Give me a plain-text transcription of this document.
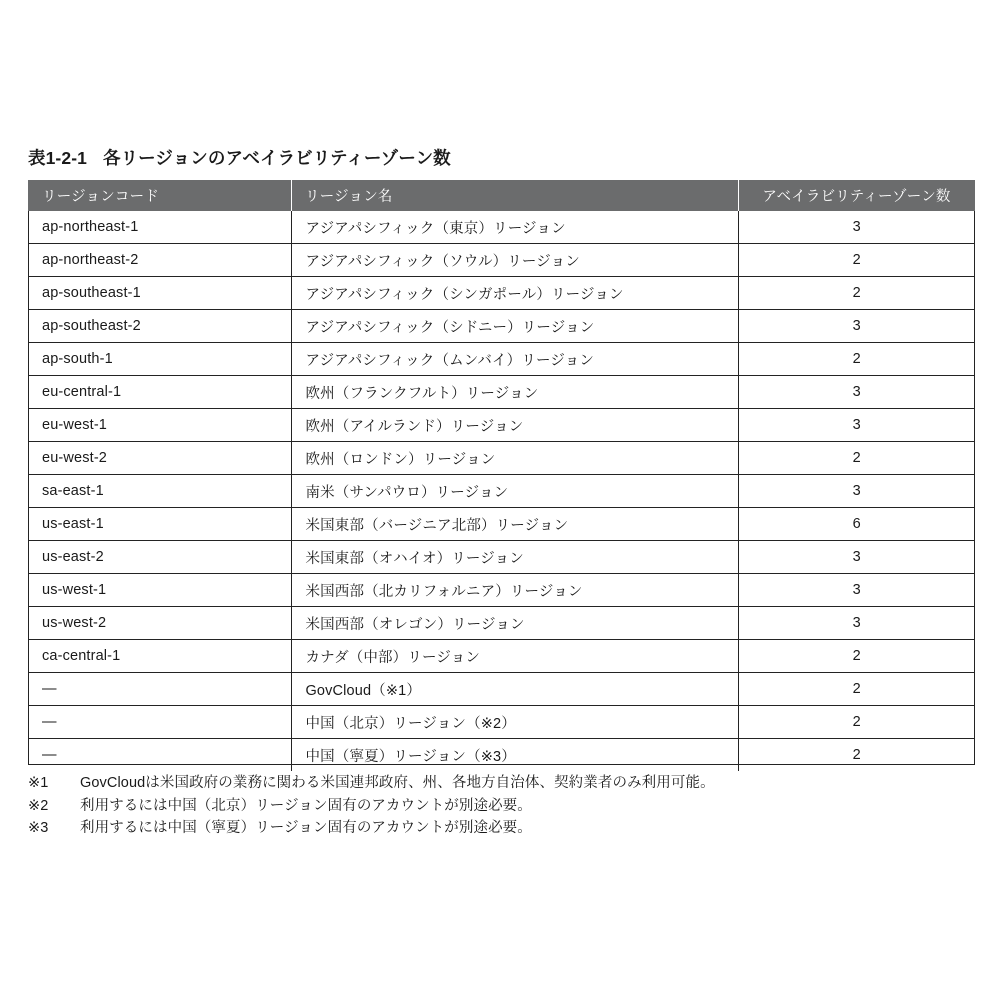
表1-2-1 各リージョンのアベイラビリティーゾーン数
リージョンコード	リージョン名	アベイラビリティーゾーン数
ap-northeast-1	アジアパシフィック（東京）リージョン	3
ap-northeast-2	アジアパシフィック（ソウル）リージョン	2
ap-southeast-1	アジアパシフィック（シンガポール）リージョン	2
ap-southeast-2	アジアパシフィック（シドニー）リージョン	3
ap-south-1	アジアパシフィック（ムンバイ）リージョン	2
eu-central-1	欧州（フランクフルト）リージョン	3
eu-west-1	欧州（アイルランド）リージョン	3
eu-west-2	欧州（ロンドン）リージョン	2
sa-east-1	南米（サンパウロ）リージョン	3
us-east-1	米国東部（バージニア北部）リージョン	6
us-east-2	米国東部（オハイオ）リージョン	3
us-west-1	米国西部（北カリフォルニア）リージョン	3
us-west-2	米国西部（オレゴン）リージョン	3
ca-central-1	カナダ（中部）リージョン	2
—	GovCloud（※1）	2
—	中国（北京）リージョン（※2）	2
—	中国（寧夏）リージョン（※3）	2
※1 GovCloudは米国政府の業務に関わる米国連邦政府、州、各地方自治体、契約業者のみ利用可能。
※2 利用するには中国（北京）リージョン固有のアカウントが別途必要。
※3 利用するには中国（寧夏）リージョン固有のアカウントが別途必要。
